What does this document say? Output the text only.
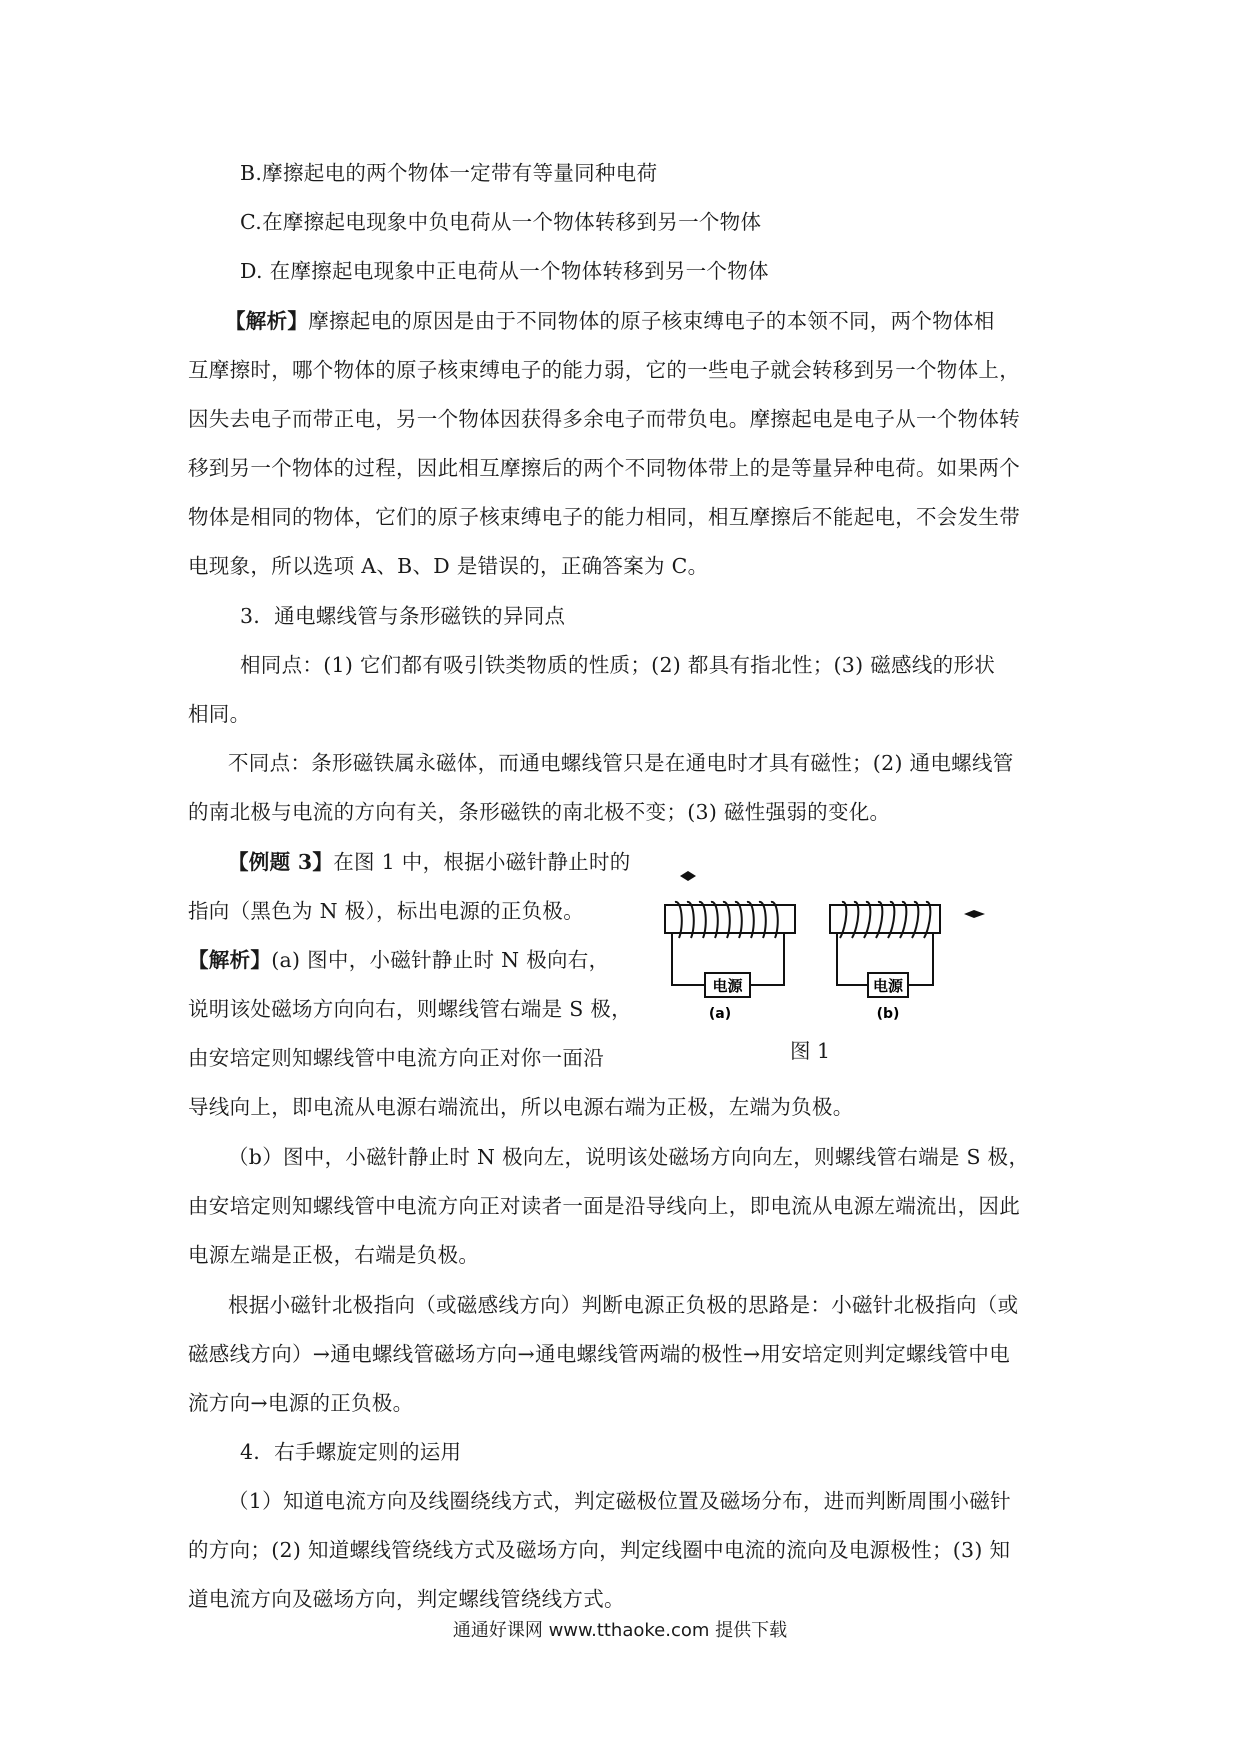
B.摩擦起电的两个物体一定带有等量同种电荷
C.在摩擦起电现象中负电荷从一个物体转移到另一个物体
D. 在摩擦起电现象中正电荷从一个物体转移到另一个物体
【解析】摩擦起电的原因是由于不同物体的原子核束缚电子的本领不同，两个物体相
互摩擦时，哪个物体的原子核束缚电子的能力弱，它的一些电子就会转移到另一个物体上，
因失去电子而带正电，另一个物体因获得多余电子而带负电。摩擦起电是电子从一个物体转
移到另一个物体的过程，因此相互摩擦后的两个不同物体带上的是等量异种电荷。如果两个
物体是相同的物体，它们的原子核束缚电子的能力相同，相互摩擦后不能起电，不会发生带
电现象，所以选项 A、B、D 是错误的，正确答案为 C。
3．通电螺线管与条形磁铁的异同点
相同点：(1) 它们都有吸引铁类物质的性质；(2) 都具有指北性；(3) 磁感线的形状
相同。
不同点：条形磁铁属永磁体，而通电螺线管只是在通电时才具有磁性；(2) 通电螺线管
的南北极与电流的方向有关，条形磁铁的南北极不变；(3) 磁性强弱的变化。
【例题 3】在图 1 中，根据小磁针静止时的
指向（黑色为 N 极），标出电源的正负极。
【解析】(a) 图中，小磁针静止时 N 极向右，
说明该处磁场方向向右，则螺线管右端是 S 极，
由安培定则知螺线管中电流方向正对你一面沿
导线向上，即电流从电源右端流出，所以电源右端为正极，左端为负极。
电源
(a)
电源
(b)
图 1
（b）图中，小磁针静止时 N 极向左，说明该处磁场方向向左，则螺线管右端是 S 极，
由安培定则知螺线管中电流方向正对读者一面是沿导线向上，即电流从电源左端流出，因此
电源左端是正极，右端是负极。
根据小磁针北极指向（或磁感线方向）判断电源正负极的思路是：小磁针北极指向（或
磁感线方向）→通电螺线管磁场方向→通电螺线管两端的极性→用安培定则判定螺线管中电
流方向→电源的正负极。
4．右手螺旋定则的运用
（1）知道电流方向及线圈绕线方式，判定磁极位置及磁场分布，进而判断周围小磁针
的方向；(2) 知道螺线管绕线方式及磁场方向，判定线圈中电流的流向及电源极性；(3) 知
道电流方向及磁场方向，判定螺线管绕线方式。
通通好课网 www.tthaoke.com 提供下载
